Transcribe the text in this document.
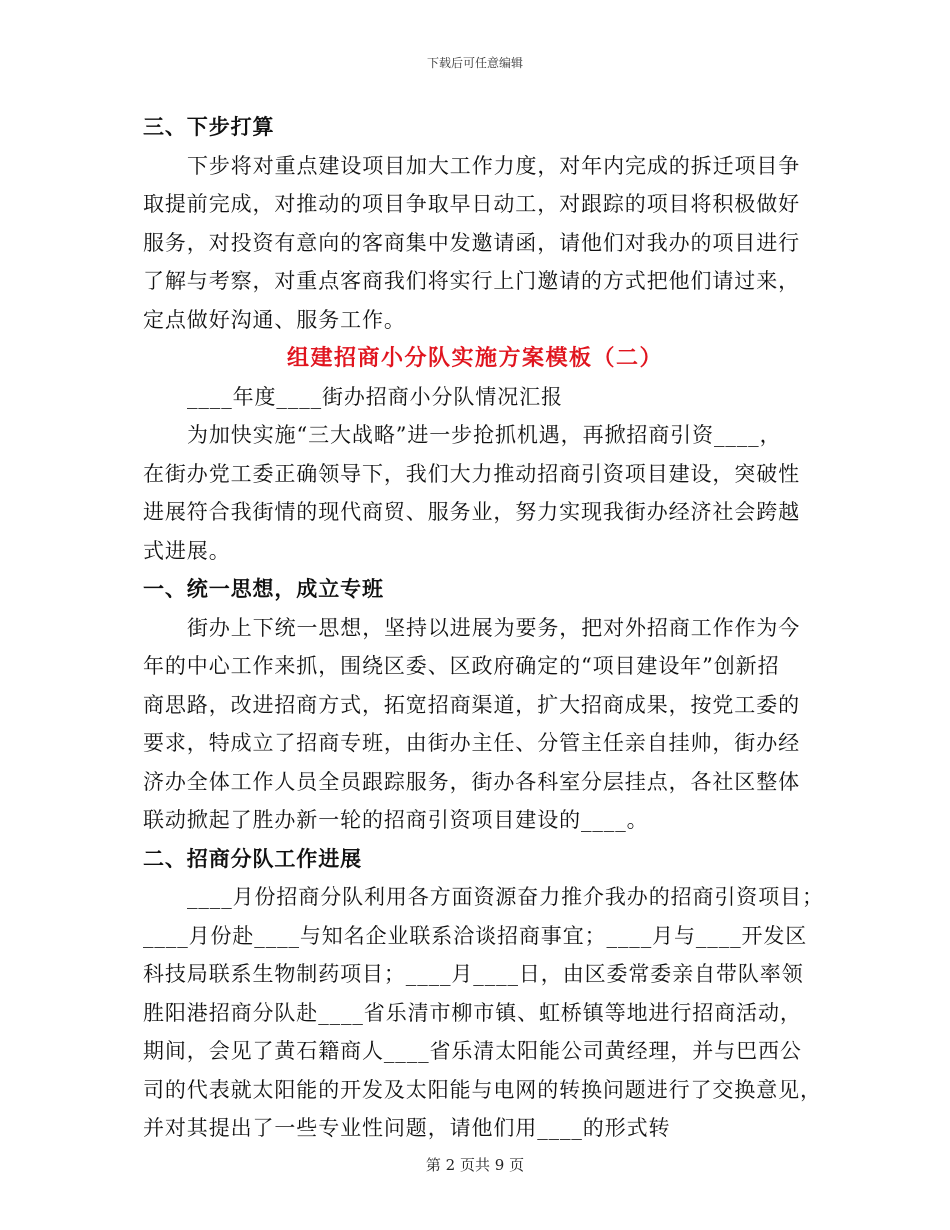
下载后可任意编辑
三、下步打算
下步将对重点建设项目加大工作力度，对年内完成的拆迁项目争
取提前完成，对推动的项目争取早日动工，对跟踪的项目将积极做好
服务，对投资有意向的客商集中发邀请函，请他们对我办的项目进行
了解与考察，对重点客商我们将实行上门邀请的方式把他们请过来，
定点做好沟通、服务工作。
组建招商小分队实施方案模板（二）
____年度____街办招商小分队情况汇报
为加快实施“三大战略”进一步抢抓机遇，再掀招商引资____，
在街办党工委正确领导下，我们大力推动招商引资项目建设，突破性
进展符合我街情的现代商贸、服务业，努力实现我街办经济社会跨越
式进展。
一、统一思想，成立专班
街办上下统一思想，坚持以进展为要务，把对外招商工作作为今
年的中心工作来抓，围绕区委、区政府确定的“项目建设年”创新招
商思路，改进招商方式，拓宽招商渠道，扩大招商成果，按党工委的
要求，特成立了招商专班，由街办主任、分管主任亲自挂帅，街办经
济办全体工作人员全员跟踪服务，街办各科室分层挂点，各社区整体
联动掀起了胜办新一轮的招商引资项目建设的____。
二、招商分队工作进展
____月份招商分队利用各方面资源奋力推介我办的招商引资项目；
____月份赴____与知名企业联系洽谈招商事宜；____月与____开发区
科技局联系生物制药项目；____月____日，由区委常委亲自带队率领
胜阳港招商分队赴____省乐清市柳市镇、虹桥镇等地进行招商活动，
期间，会见了黄石籍商人____省乐清太阳能公司黄经理，并与巴西公
司的代表就太阳能的开发及太阳能与电网的转换问题进行了交换意见，
并对其提出了一些专业性问题，请他们用____的形式转
第 2 页共 9 页
